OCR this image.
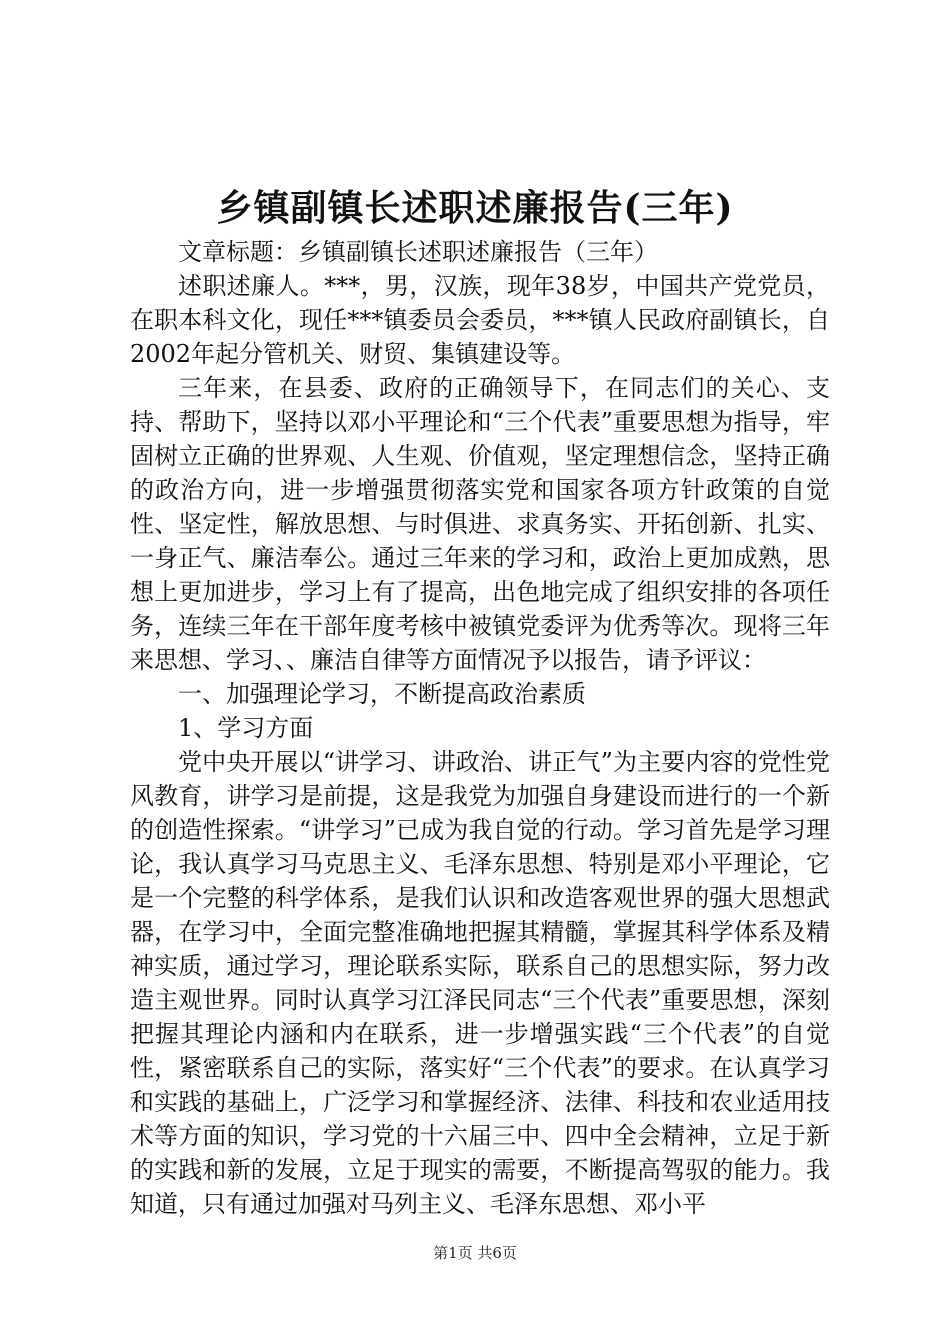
乡镇副镇长述职述廉报告(三年)

文章标题：乡镇副镇长述职述廉报告（三年）

述职述廉人。***，男，汉族，现年38岁，中国共产党党员，在职本科文化，现任***镇委员会委员，***镇人民政府副镇长，自2002年起分管机关、财贸、集镇建设等。

三年来，在县委、政府的正确领导下，在同志们的关心、支持、帮助下，坚持以邓小平理论和“三个代表”重要思想为指导，牢固树立正确的世界观、人生观、价值观，坚定理想信念，坚持正确的政治方向，进一步增强贯彻落实党和国家各项方针政策的自觉性、坚定性，解放思想、与时俱进、求真务实、开拓创新、扎实、一身正气、廉洁奉公。通过三年来的学习和，政治上更加成熟，思想上更加进步，学习上有了提高，出色地完成了组织安排的各项任务，连续三年在干部年度考核中被镇党委评为优秀等次。现将三年来思想、学习、、廉洁自律等方面情况予以报告，请予评议：

一、加强理论学习，不断提高政治素质

1、学习方面

党中央开展以“讲学习、讲政治、讲正气”为主要内容的党性党风教育，讲学习是前提，这是我党为加强自身建设而进行的一个新的创造性探索。“讲学习”已成为我自觉的行动。学习首先是学习理论，我认真学习马克思主义、毛泽东思想、特别是邓小平理论，它是一个完整的科学体系，是我们认识和改造客观世界的强大思想武器，在学习中，全面完整准确地把握其精髓，掌握其科学体系及精神实质，通过学习，理论联系实际，联系自己的思想实际，努力改造主观世界。同时认真学习江泽民同志“三个代表”重要思想，深刻把握其理论内涵和内在联系，进一步增强实践“三个代表”的自觉性，紧密联系自己的实际，落实好“三个代表”的要求。在认真学习和实践的基础上，广泛学习和掌握经济、法律、科技和农业适用技术等方面的知识，学习党的十六届三中、四中全会精神，立足于新的实践和新的发展，立足于现实的需要，不断提高驾驭的能力。我知道，只有通过加强对马列主义、毛泽东思想、邓小平

第1页 共6页
